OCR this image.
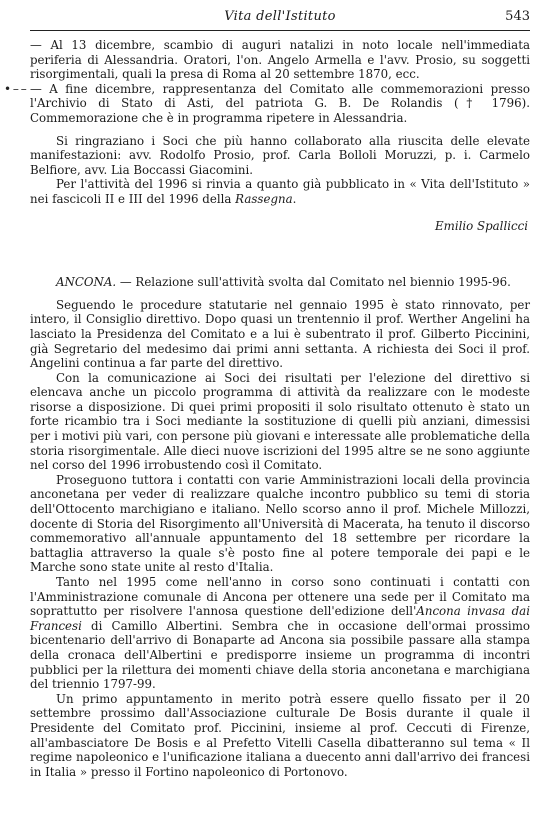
Vita dell'Istituto	543

— Al 13 dicembre, scambio di auguri natalizi in noto locale nell'immediata periferia di Alessandria. Oratori, l'on. Angelo Armella e l'avv. Prosio, su soggetti risorgimentali, quali la presa di Roma al 20 settembre 1870, ecc.

• – – — A fine dicembre, rappresentanza del Comitato alle commemorazioni presso l'Archivio di Stato di Asti, del patriota G. B. De Rolandis († 1796). Commemorazione che è in programma ripetere in Alessandria.

Si ringraziano i Soci che più hanno collaborato alla riuscita delle elevate manifestazioni: avv. Rodolfo Prosio, prof. Carla Bolloli Moruzzi, p. i. Carmelo Belfiore, avv. Lia Boccassi Giacomini.

Per l'attività del 1996 si rinvia a quanto già pubblicato in « Vita dell'Istituto » nei fascicoli II e III del 1996 della Rassegna.

Emilio Spallicci

ANCONA. — Relazione sull'attività svolta dal Comitato nel biennio 1995-96.

Seguendo le procedure statutarie nel gennaio 1995 è stato rinnovato, per intero, il Consiglio direttivo. Dopo quasi un trentennio il prof. Werther Angelini ha lasciato la Presidenza del Comitato e a lui è subentrato il prof. Gilberto Piccinini, già Segretario del medesimo dai primi anni settanta. A richiesta dei Soci il prof. Angelini continua a far parte del direttivo.

Con la comunicazione ai Soci dei risultati per l'elezione del direttivo si elencava anche un piccolo programma di attività da realizzare con le modeste risorse a disposizione. Di quei primi propositi il solo risultato ottenuto è stato un forte ricambio tra i Soci mediante la sostituzione di quelli più anziani, dimessisi per i motivi più vari, con persone più giovani e interessate alle problematiche della storia risorgimentale. Alle dieci nuove iscrizioni del 1995 altre se ne sono aggiunte nel corso del 1996 irrobustendo così il Comitato.

Proseguono tuttora i contatti con varie Amministrazioni locali della provincia anconetana per veder di realizzare qualche incontro pubblico su temi di storia dell'Ottocento marchigiano e italiano. Nello scorso anno il prof. Michele Millozzi, docente di Storia del Risorgimento all'Università di Macerata, ha tenuto il discorso commemorativo all'annuale appuntamento del 18 settembre per ricordare la battaglia attraverso la quale s'è posto fine al potere temporale dei papi e le Marche sono state unite al resto d'Italia.

Tanto nel 1995 come nell'anno in corso sono continuati i contatti con l'Amministrazione comunale di Ancona per ottenere una sede per il Comitato ma soprattutto per risolvere l'annosa questione dell'edizione dell'Ancona invasa dai Francesi di Camillo Albertini. Sembra che in occasione dell'ormai prossimo bicentenario dell'arrivo di Bonaparte ad Ancona sia possibile passare alla stampa della cronaca dell'Albertini e predisporre insieme un programma di incontri pubblici per la rilettura dei momenti chiave della storia anconetana e marchigiana del triennio 1797-99.

Un primo appuntamento in merito potrà essere quello fissato per il 20 settembre prossimo dall'Associazione culturale De Bosis durante il quale il Presidente del Comitato prof. Piccinini, insieme al prof. Ceccuti di Firenze, all'ambasciatore De Bosis e al Prefetto Vitelli Casella dibatteranno sul tema « Il regime napoleonico e l'unificazione italiana a duecento anni dall'arrivo dei francesi in Italia » presso il Fortino napoleonico di Portonovo.
